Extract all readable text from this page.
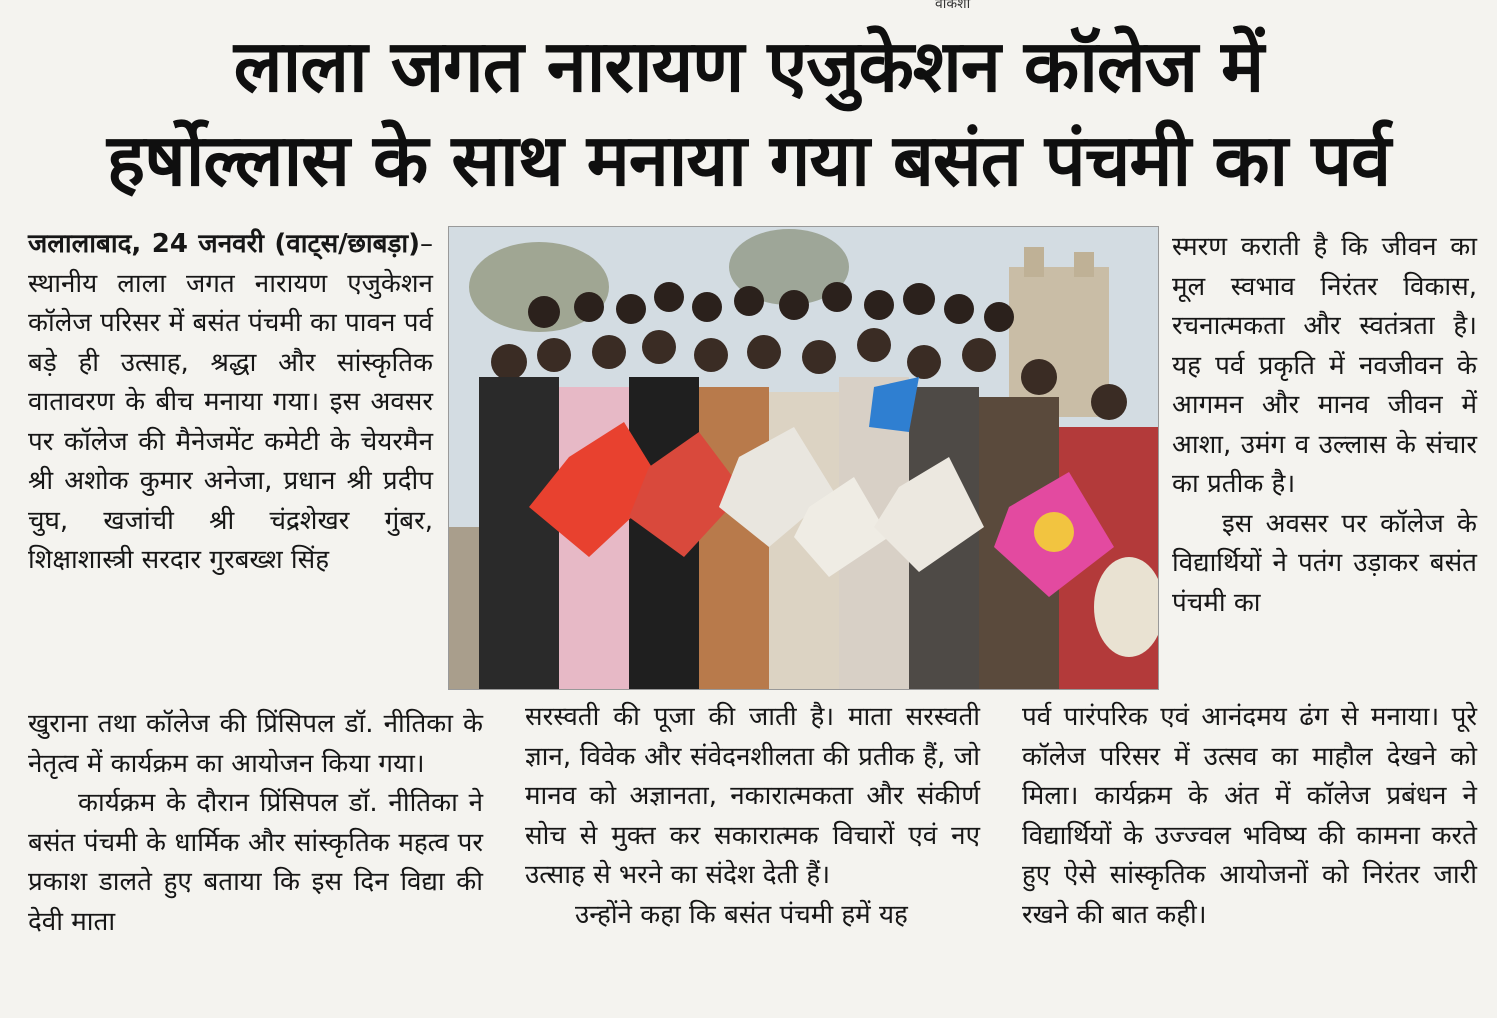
वाकशा
लाला जगत नारायण एजुकेशन कॉलेज में
हर्षोल्लास के साथ मनाया गया बसंत पंचमी का पर्व

जलालाबाद, 24 जनवरी (वाट्स/छाबड़ा)–स्थानीय लाला जगत नारायण एजुकेशन कॉलेज परिसर में बसंत पंचमी का पावन पर्व बड़े ही उत्साह, श्रद्धा और सांस्कृतिक वातावरण के बीच मनाया गया। इस अवसर पर कॉलेज की मैनेजमेंट कमेटी के चेयरमैन श्री अशोक कुमार अनेजा, प्रधान श्री प्रदीप चुघ, खजांची श्री चंद्रशेखर गुंबर, शिक्षाशास्त्री सरदार गुरबख्श सिंह

खुराना तथा कॉलेज की प्रिंसिपल डॉ. नीतिका के नेतृत्व में कार्यक्रम का आयोजन किया गया।

कार्यक्रम के दौरान प्रिंसिपल डॉ. नीतिका ने बसंत पंचमी के धार्मिक और सांस्कृतिक महत्व पर प्रकाश डालते हुए बताया कि इस दिन विद्या की देवी माता

सरस्वती की पूजा की जाती है। माता सरस्वती ज्ञान, विवेक और संवेदनशीलता की प्रतीक हैं, जो मानव को अज्ञानता, नकारात्मकता और संकीर्ण सोच से मुक्त कर सकारात्मक विचारों एवं नए उत्साह से भरने का संदेश देती हैं।

उन्होंने कहा कि बसंत पंचमी हमें यह

स्मरण कराती है कि जीवन का मूल स्वभाव निरंतर विकास, रचनात्मकता और स्वतंत्रता है। यह पर्व प्रकृति में नवजीवन के आगमन और मानव जीवन में आशा, उमंग व उल्लास के संचार का प्रतीक है।

इस अवसर पर कॉलेज के विद्यार्थियों ने पतंग उड़ाकर बसंत पंचमी का

पर्व पारंपरिक एवं आनंदमय ढंग से मनाया। पूरे कॉलेज परिसर में उत्सव का माहौल देखने को मिला। कार्यक्रम के अंत में कॉलेज प्रबंधन ने विद्यार्थियों के उज्ज्वल भविष्य की कामना करते हुए ऐसे सांस्कृतिक आयोजनों को निरंतर जारी रखने की बात कही।
